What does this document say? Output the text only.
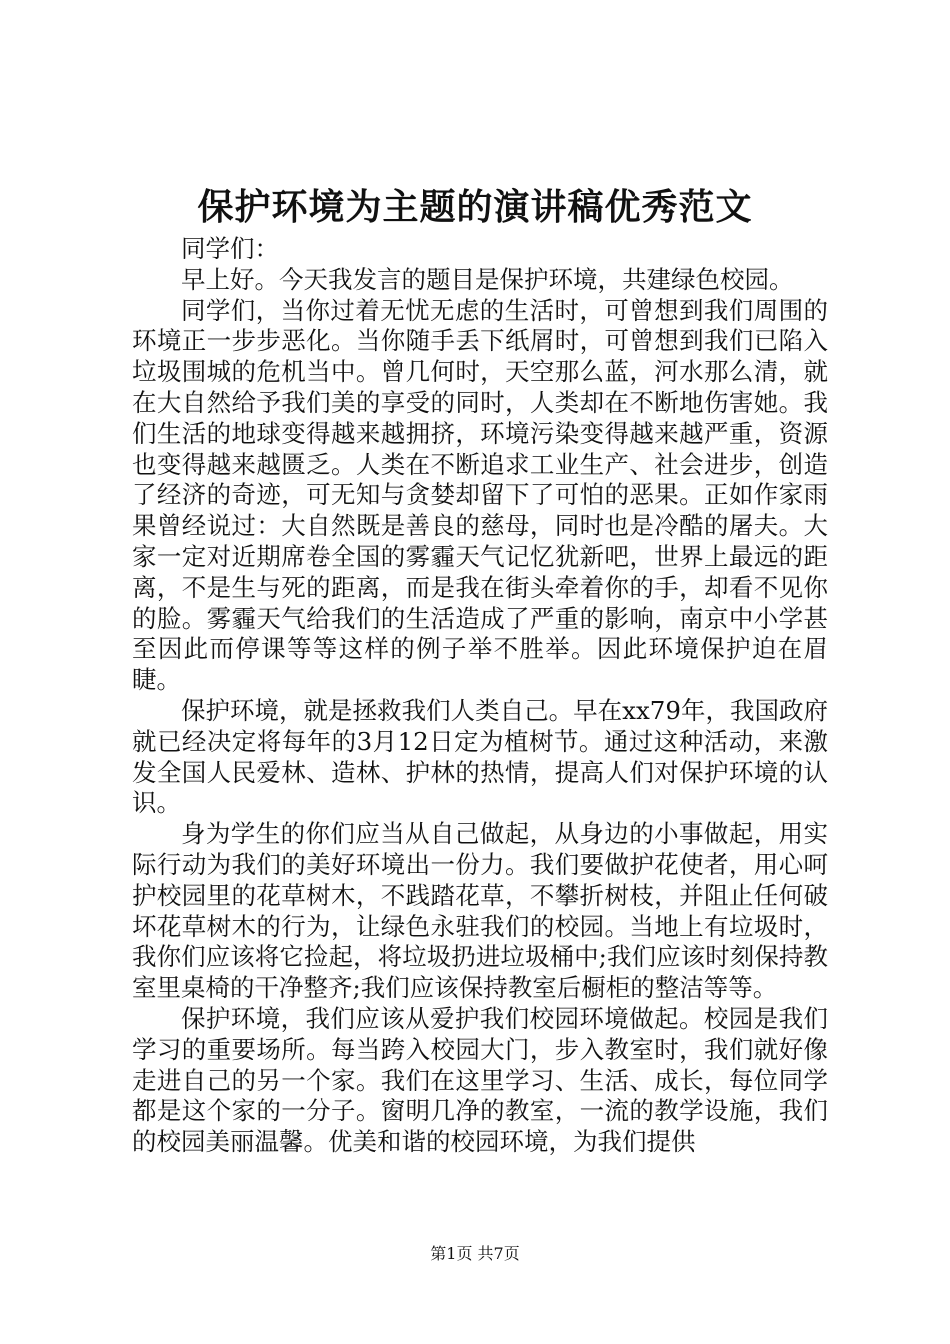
保护环境为主题的演讲稿优秀范文

同学们：

早上好。今天我发言的题目是保护环境，共建绿色校园。

同学们，当你过着无忧无虑的生活时，可曾想到我们周围的环境正一步步恶化。当你随手丢下纸屑时，可曾想到我们已陷入垃圾围城的危机当中。曾几何时，天空那么蓝，河水那么清，就在大自然给予我们美的享受的同时，人类却在不断地伤害她。我们生活的地球变得越来越拥挤，环境污染变得越来越严重，资源也变得越来越匮乏。人类在不断追求工业生产、社会进步，创造了经济的奇迹，可无知与贪婪却留下了可怕的恶果。正如作家雨果曾经说过：大自然既是善良的慈母，同时也是冷酷的屠夫。大家一定对近期席卷全国的雾霾天气记忆犹新吧，世界上最远的距离，不是生与死的距离，而是我在街头牵着你的手，却看不见你的脸。雾霾天气给我们的生活造成了严重的影响，南京中小学甚至因此而停课等等这样的例子举不胜举。因此环境保护迫在眉睫。

保护环境，就是拯救我们人类自己。早在xx79年，我国政府就已经决定将每年的3月12日定为植树节。通过这种活动，来激发全国人民爱林、造林、护林的热情，提高人们对保护环境的认识。

身为学生的你们应当从自己做起，从身边的小事做起，用实际行动为我们的美好环境出一份力。我们要做护花使者，用心呵护校园里的花草树木，不践踏花草，不攀折树枝，并阻止任何破坏花草树木的行为，让绿色永驻我们的校园。当地上有垃圾时，我你们应该将它捡起，将垃圾扔进垃圾桶中;我们应该时刻保持教室里桌椅的干净整齐;我们应该保持教室后橱柜的整洁等等。

保护环境，我们应该从爱护我们校园环境做起。校园是我们学习的重要场所。每当跨入校园大门，步入教室时，我们就好像走进自己的另一个家。我们在这里学习、生活、成长，每位同学都是这个家的一分子。窗明几净的教室，一流的教学设施，我们的校园美丽温馨。优美和谐的校园环境，为我们提供

第1页 共7页
